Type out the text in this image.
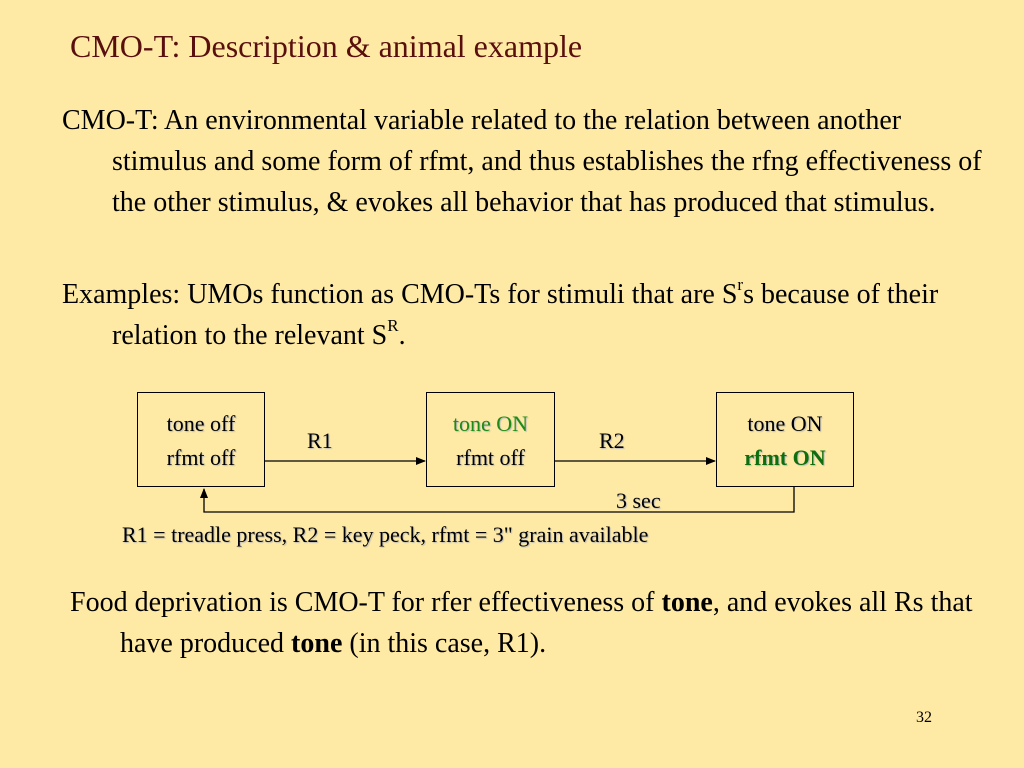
CMO-T: Description & animal example
CMO-T: An environmental variable related to the relation between another stimulus and some form of rfmt, and thus establishes the rfng effectiveness of the other stimulus, & evokes all behavior that has produced that stimulus.
Examples: UMOs function as CMO-Ts for stimuli that are $S^rs$ because of their relation to the relevant $S^R$.
tone off
rfmt off
tone ON
rfmt off
tone ON
rfmt ON
R1	R2
3 sec
R1 = treadle press, R2 = key peck, rfmt = 3" grain available
Food deprivation is CMO-T for rfer effectiveness of tone, and evokes all Rs that have produced tone (in this case, R1).
32
